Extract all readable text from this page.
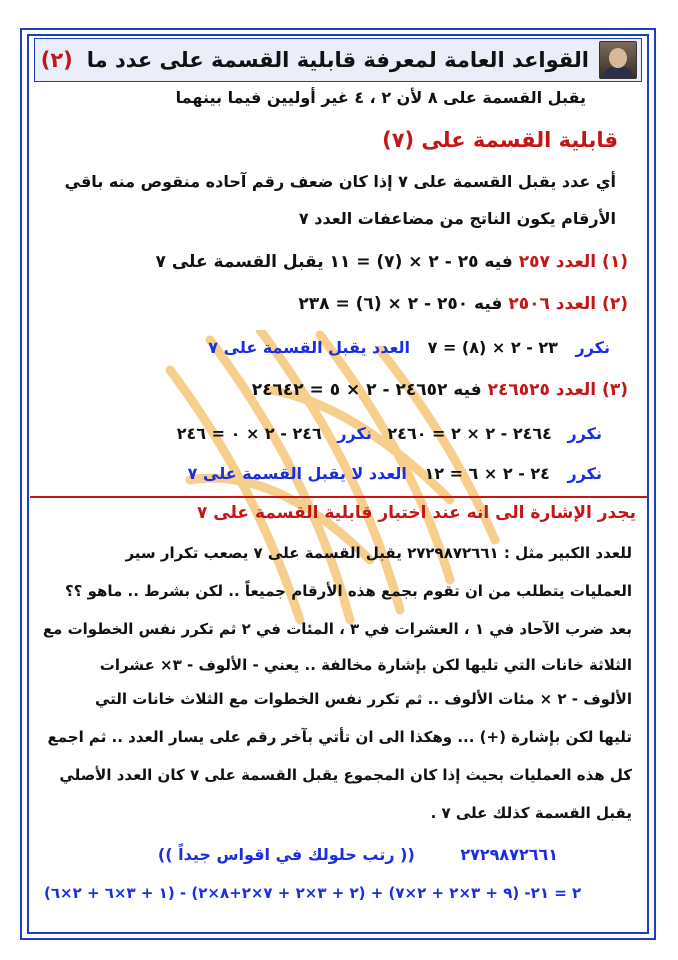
القواعد العامة لمعرفة قابلية القسمة على عدد ما
(٢)
يقبل القسمة على ٨ لأن ٢ ، ٤ غير أوليين فيما بينهما
قابلية القسمة على (٧)
أي عدد يقبل القسمة على ٧ إذا كان ضعف رقم آحاده منقوص منه باقي
الأرقام يكون الناتج من مضاعفات العدد ٧
(١) العدد ٢٥٧ فيه ٢٥ - ٢ × (٧) = ١١ يقبل القسمة على ٧
(٢) العدد ٢٥٠٦ فيه ٢٥٠ - ٢ × (٦) = ٢٣٨
نكرر ٢٣ - ٢ × (٨) = ٧ العدد يقبل القسمة على ٧
(٣) العدد ٢٤٦٥٢٥ فيه ٢٤٦٥٢ - ٢ × ٥ = ٢٤٦٤٢
نكرر ٢٤٦٤ - ٢ × ٢ = ٢٤٦٠ نكرر ٢٤٦ - ٢ × ٠ = ٢٤٦
نكرر ٢٤ - ٢ × ٦ = ١٢ العدد لا يقبل القسمة على ٧
يجدر الإشارة الى انه عند اختبار قابلية القسمة على ٧
للعدد الكبير مثل : ٢٧٢٩٨٧٢٦٦١ يقبل القسمة على ٧ يصعب تكرار سير
العمليات يتطلب من ان تقوم بجمع هذه الأرقام جميعاً .. لكن بشرط .. ماهو ؟؟
بعد ضرب الآحاد في ١ ، العشرات في ٣ ، المئات في ٢ ثم تكرر نفس الخطوات مع
الثلاثة خانات التي تليها لكن بإشارة مخالفة .. يعني - الألوف - ٣× عشرات
الألوف - ٢ × مئات الألوف .. ثم تكرر نفس الخطوات مع الثلاث خانات التي
تليها لكن بإشارة (+) ... وهكذا الى ان تأتي بآخر رقم على يسار العدد .. ثم اجمع
كل هذه العمليات بحيث إذا كان المجموع يقبل القسمة على ٧ كان العدد الأصلي
يقبل القسمة كذلك على ٧ .
٢٧٢٩٨٧٢٦٦١ (( رتب حلولك في اقواس جيداً ))
(١ + ٣×٦ + ٢×٦) - (٢ + ٣×٢ + ٧×٢+٨×٢) + (٩ + ٣×٢ + ٢×٧) -٢ = ٢١
